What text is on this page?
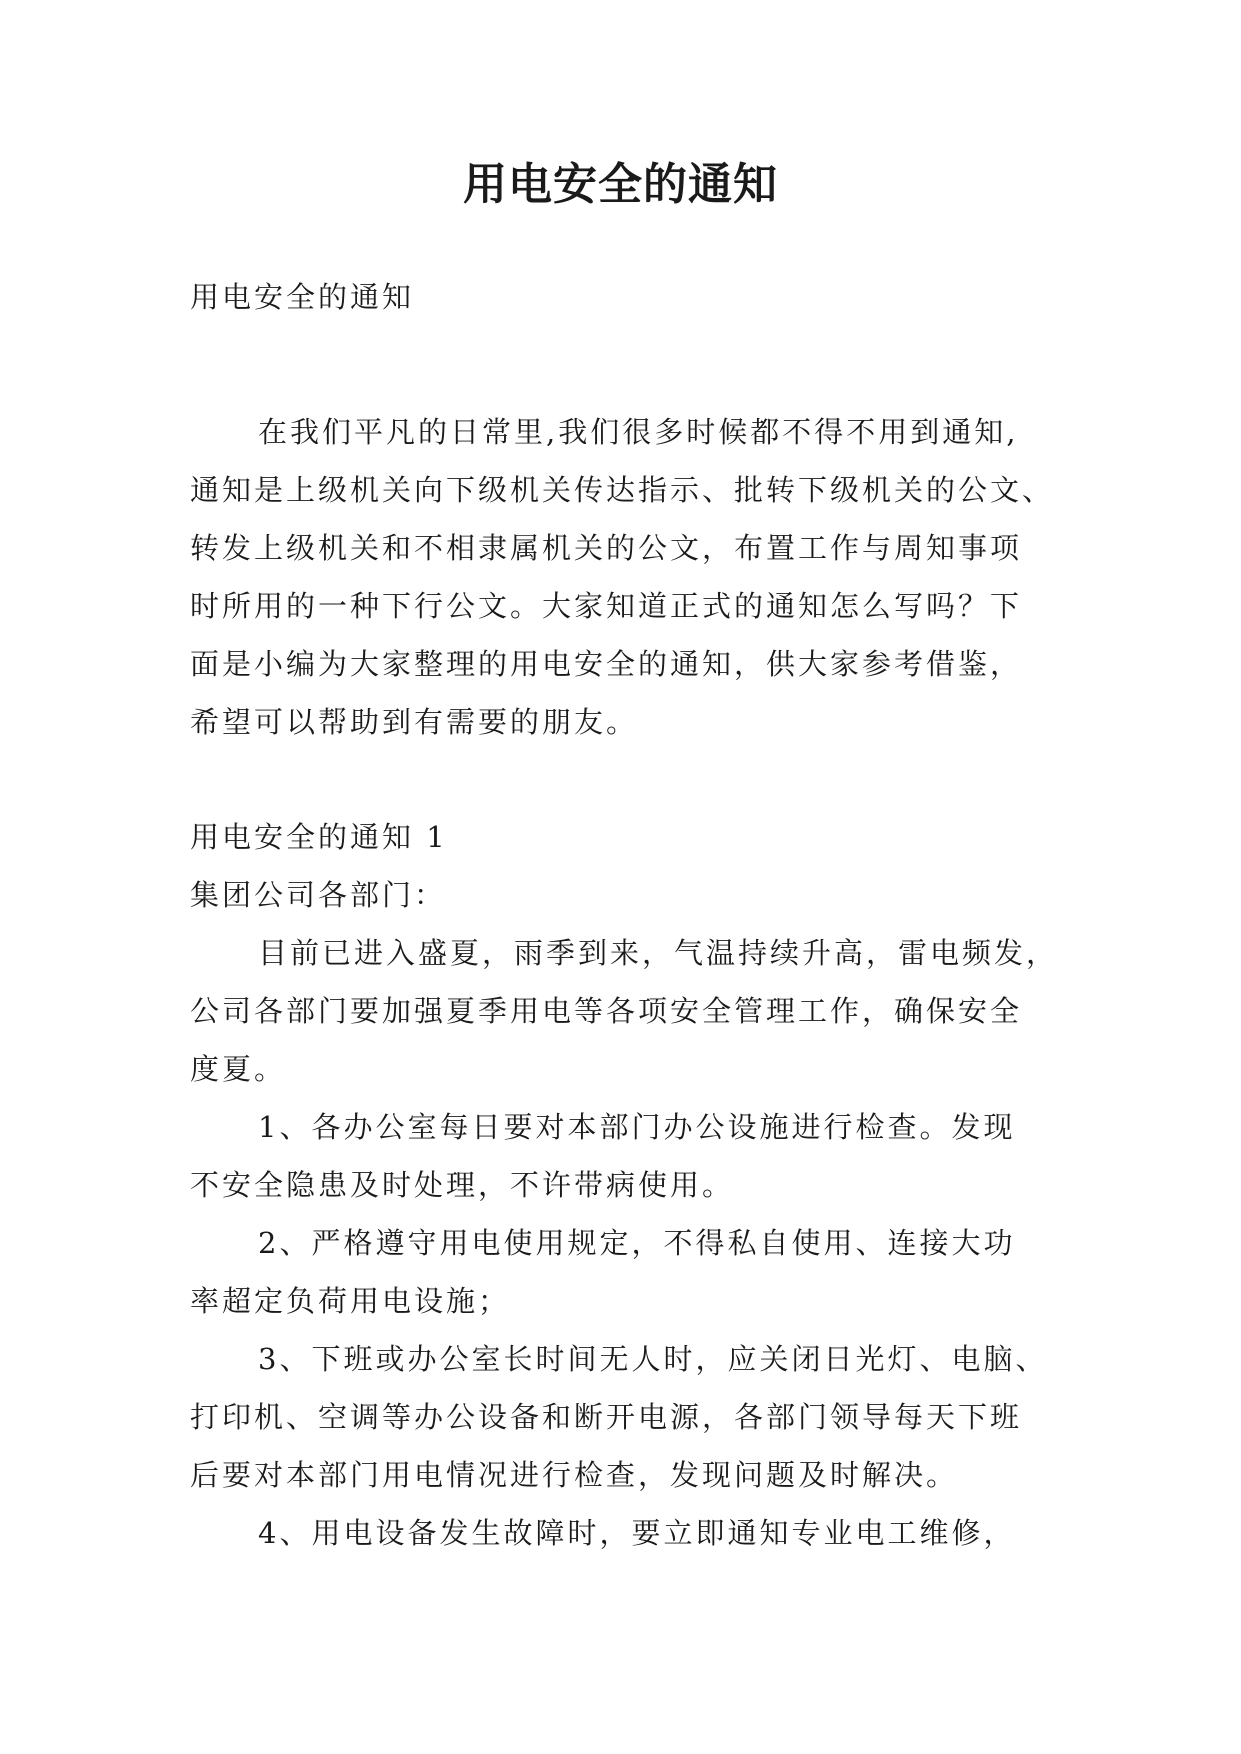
用电安全的通知
用电安全的通知
在我们平凡的日常里,我们很多时候都不得不用到通知,
通知是上级机关向下级机关传达指示、批转下级机关的公文、
转发上级机关和不相隶属机关的公文，布置工作与周知事项
时所用的一种下行公文。大家知道正式的通知怎么写吗？下
面是小编为大家整理的用电安全的通知，供大家参考借鉴，
希望可以帮助到有需要的朋友。
用电安全的通知 1
集团公司各部门：
目前已进入盛夏，雨季到来，气温持续升高，雷电频发，
公司各部门要加强夏季用电等各项安全管理工作，确保安全
度夏。
1、各办公室每日要对本部门办公设施进行检查。发现
不安全隐患及时处理，不许带病使用。
2、严格遵守用电使用规定，不得私自使用、连接大功
率超定负荷用电设施；
3、下班或办公室长时间无人时，应关闭日光灯、电脑、
打印机、空调等办公设备和断开电源，各部门领导每天下班
后要对本部门用电情况进行检查，发现问题及时解决。
4、用电设备发生故障时，要立即通知专业电工维修，
